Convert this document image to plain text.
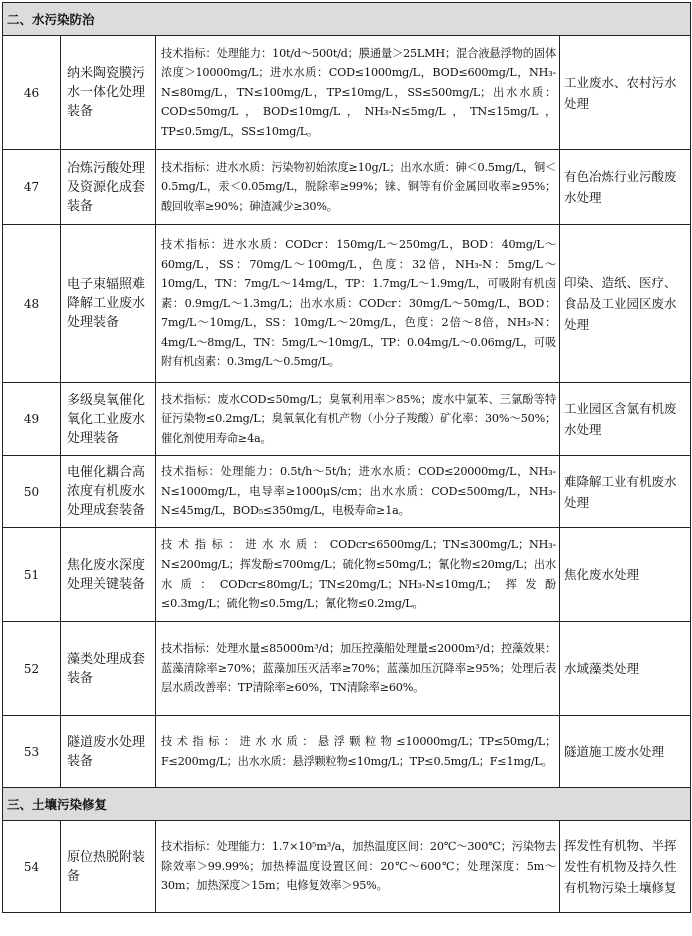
二、水污染防治			
46	纳米陶瓷膜污水一体化处理装备	技术指标：处理能力：10t/d～500t/d；膜通量＞25LMH；混合液悬浮物的固体浓度＞10000mg/L；进水水质：COD≤1000mg/L，BOD≤600mg/L，NH₃-N≤80mg/L，TN≤100mg/L，TP≤10mg/L，SS≤500mg/L；出水水质：COD≤50mg/L，BOD≤10mg/L，NH₃-N≤5mg/L，TN≤15mg/L，TP≤0.5mg/L，SS≤10mg/L。	工业废水、农村污水处理
47	冶炼污酸处理及资源化成套装备	技术指标：进水水质：污染物初始浓度≥10g/L；出水水质：砷＜0.5mg/L，铜＜0.5mg/L，汞＜0.05mg/L，脱除率≥99%；铼、铜等有价金属回收率≥95%；酸回收率≥90%；砷渣减少≥30%。	有色冶炼行业污酸废水处理
48	电子束辐照难降解工业废水处理装备	技术指标：进水水质：CODcr：150mg/L～250mg/L，BOD：40mg/L～60mg/L，SS：70mg/L～100mg/L，色度：32倍，NH₃-N：5mg/L～10mg/L，TN：7mg/L～14mg/L，TP：1.7mg/L～1.9mg/L，可吸附有机卤素：0.9mg/L～1.3mg/L；出水水质：CODcr：30mg/L～50mg/L，BOD：7mg/L～10mg/L，SS：10mg/L～20mg/L，色度：2倍～8倍，NH₃-N：4mg/L～8mg/L，TN：5mg/L～10mg/L，TP：0.04mg/L～0.06mg/L，可吸附有机卤素：0.3mg/L～0.5mg/L。	印染、造纸、医疗、食品及工业园区废水处理
49	多级臭氧催化氧化工业废水处理装备	技术指标：废水COD≤50mg/L；臭氧利用率＞85%；废水中氯苯、三氯酚等特征污染物≤0.2mg/L；臭氧氧化有机产物（小分子羧酸）矿化率：30%～50%；催化剂使用寿命≥4a。	工业园区含氯有机废水处理
50	电催化耦合高浓度有机废水处理成套装备	技术指标：处理能力：0.5t/h～5t/h；进水水质：COD≤20000mg/L，NH₃-N≤1000mg/L，电导率≥1000μS/cm；出水水质：COD≤500mg/L，NH₃-N≤45mg/L，BOD₅≤350mg/L，电极寿命≥1a。	难降解工业有机废水处理
51	焦化废水深度处理关键装备	技术指标：进水水质：CODcr≤6500mg/L；TN≤300mg/L；NH₃-N≤200mg/L；挥发酚≤700mg/L；硫化物≤50mg/L；氰化物≤20mg/L；出水水质：CODcr≤80mg/L；TN≤20mg/L；NH₃-N≤10mg/L；挥发酚≤0.3mg/L；硫化物≤0.5mg/L；氰化物≤0.2mg/L。	焦化废水处理
52	藻类处理成套装备	技术指标：处理水量≤85000m³/d；加压控藻船处理量≤2000m³/d；控藻效果：蓝藻清除率≥70%；蓝藻加压灭活率≥70%；蓝藻加压沉降率≥95%；处理后表层水质改善率：TP清除率≥60%，TN清除率≥60%。	水域藻类处理
53	隧道废水处理装备	技术指标：进水水质：悬浮颗粒物≤10000mg/L；TP≤50mg/L；F≤200mg/L；出水水质：悬浮颗粒物≤10mg/L；TP≤0.5mg/L；F≤1mg/L。	隧道施工废水处理
三、土壤污染修复			
54	原位热脱附装备	技术指标：处理能力：1.7×10⁵m³/a，加热温度区间：20℃～300℃；污染物去除效率＞99.99%；加热棒温度设置区间：20℃～600℃；处理深度：5m～30m；加热深度＞15m；电修复效率＞95%。	挥发性有机物、半挥发性有机物及持久性有机物污染土壤修复
